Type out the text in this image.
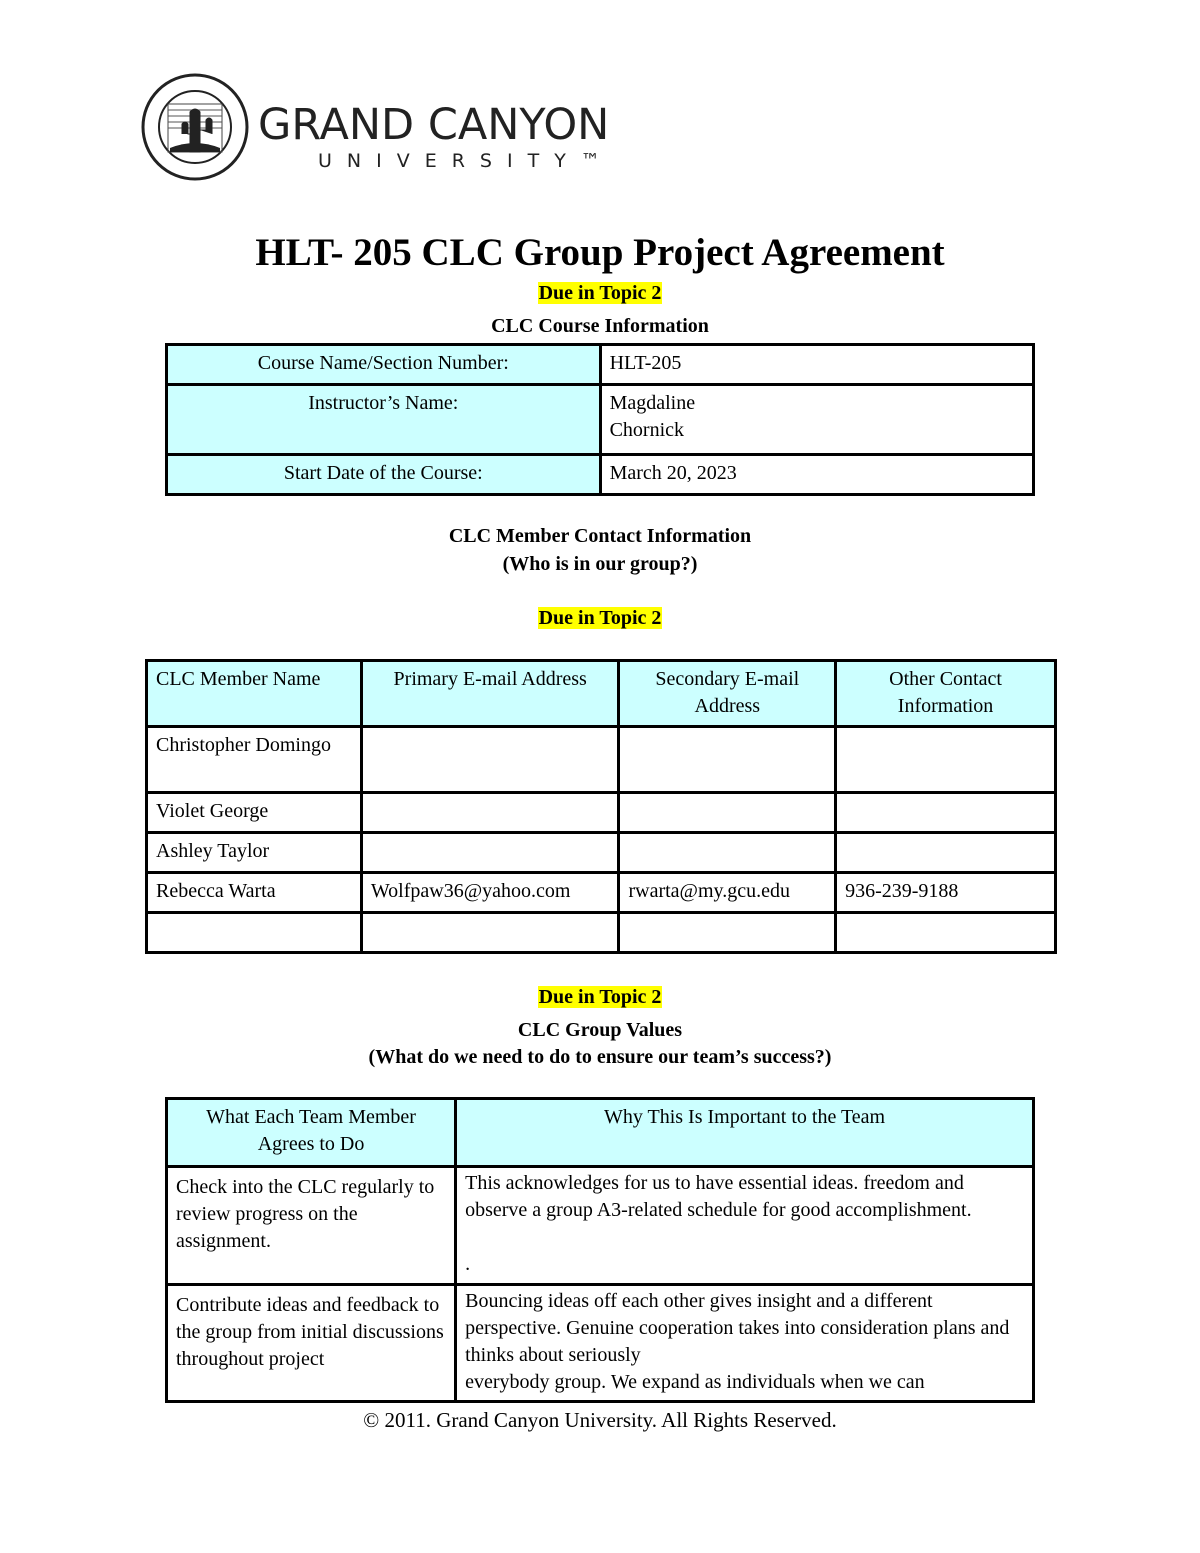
GRAND CANYON
UNIVERSITY™
HLT- 205 CLC Group Project Agreement
Due in Topic 2
CLC Course Information
Course Name/Section Number:	HLT-205
Instructor’s Name:	Magdaline
Chornick
Start Date of the Course:	March 20, 2023
CLC Member Contact Information
(Who is in our group?)
Due in Topic 2
CLC Member Name	Primary E-mail Address	Secondary E-mail Address	Other Contact Information
Christopher Domingo			
Violet George			
Ashley Taylor			
Rebecca Warta	Wolfpaw36@yahoo.com	rwarta@my.gcu.edu	936-239-9188

Due in Topic 2
CLC Group Values
(What do we need to do to ensure our team’s success?)
What Each Team Member Agrees to Do	Why This Is Important to the Team
Check into the CLC regularly to review progress on the assignment.	This acknowledges for us to have essential ideas. freedom and observe a group A3-related schedule for good accomplishment.

.
Contribute ideas and feedback to the group from initial discussions throughout project	Bouncing ideas off each other gives insight and a different perspective. Genuine cooperation takes into consideration plans and thinks about seriously
everybody group. We expand as individuals when we can
© 2011. Grand Canyon University. All Rights Reserved.
